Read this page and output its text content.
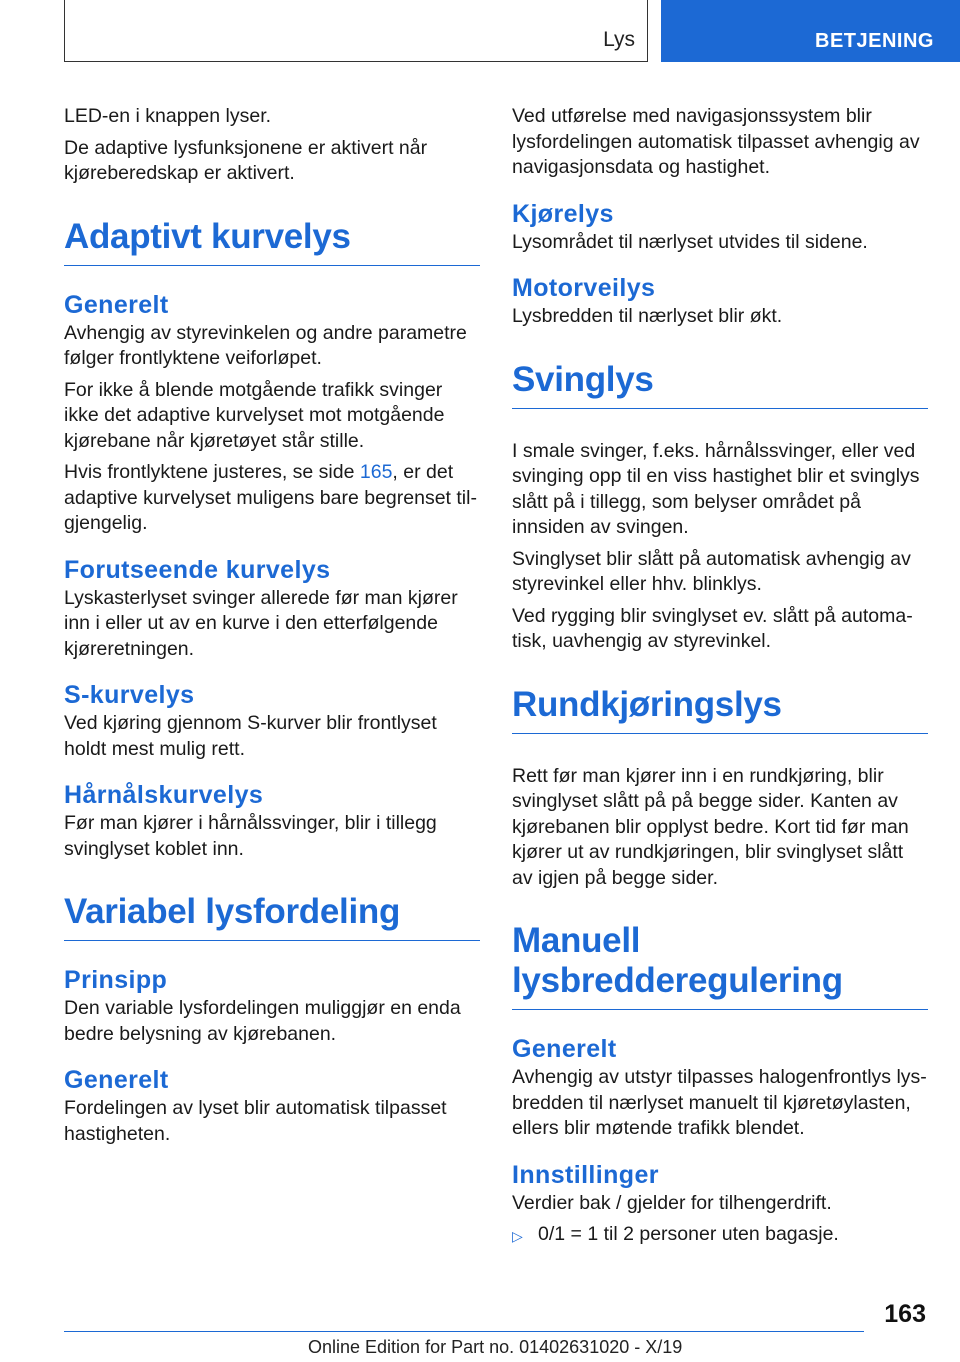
Lys	BETJENING

LED-en i knappen lyser.

De adaptive lysfunksjonene er aktivert når kjøreberedskap er aktivert.

Adaptivt kurvelys
Generelt

Avhengig av styrevinkelen og andre parametre følger frontlyktene veiforløpet.

For ikke å blende motgående trafikk svinger ikke det adaptive kurvelyset mot motgående kjørebane når kjøretøyet står stille.

Hvis frontlyktene justeres, se side 165, er det adaptive kurvelyset muligens bare begrenset tilgjengelig.

Forutseende kurvelys

Lyskasterlyset svinger allerede før man kjører inn i eller ut av en kurve i den etterfølgende kjøreretningen.

S-kurvelys

Ved kjøring gjennom S-kurver blir frontlyset holdt mest mulig rett.

Hårnålskurvelys

Før man kjører i hårnålssvinger, blir i tillegg svinglyset koblet inn.

Variabel lysfordeling
Prinsipp

Den variable lysfordelingen muliggjør en enda bedre belysning av kjørebanen.

Generelt

Fordelingen av lyset blir automatisk tilpasset hastigheten.

Ved utførelse med navigasjonssystem blir lysfordelingen automatisk tilpasset avhengig av navigasjonsdata og hastighet.

Kjørelys

Lysområdet til nærlyset utvides til sidene.

Motorveilys

Lysbredden til nærlyset blir økt.

Svinglys

I smale svinger, f.eks. hårnålssvinger, eller ved svinging opp til en viss hastighet blir et svinglys slått på i tillegg, som belyser området på innsiden av svingen.

Svinglyset blir slått på automatisk avhengig av styrevinkel eller hhv. blinklys.

Ved rygging blir svinglyset ev. slått på automatisk, uavhengig av styrevinkel.

Rundkjøringslys

Rett før man kjører inn i en rundkjøring, blir svinglyset slått på på begge sider. Kanten av kjørebanen blir opplyst bedre. Kort tid før man kjører ut av rundkjøringen, blir svinglyset slått av igjen på begge sider.

Manuell
lysbredderegulering
Generelt

Avhengig av utstyr tilpasses halogenfrontlys lysbredden til nærlyset manuelt til kjøretøylasten, ellers blir møtende trafikk blendet.

Innstillinger

Verdier bak / gjelder for tilhengerdrift.

▷ 0/1 = 1 til 2 personer uten bagasje.
163
Online Edition for Part no. 01402631020 - X/19
